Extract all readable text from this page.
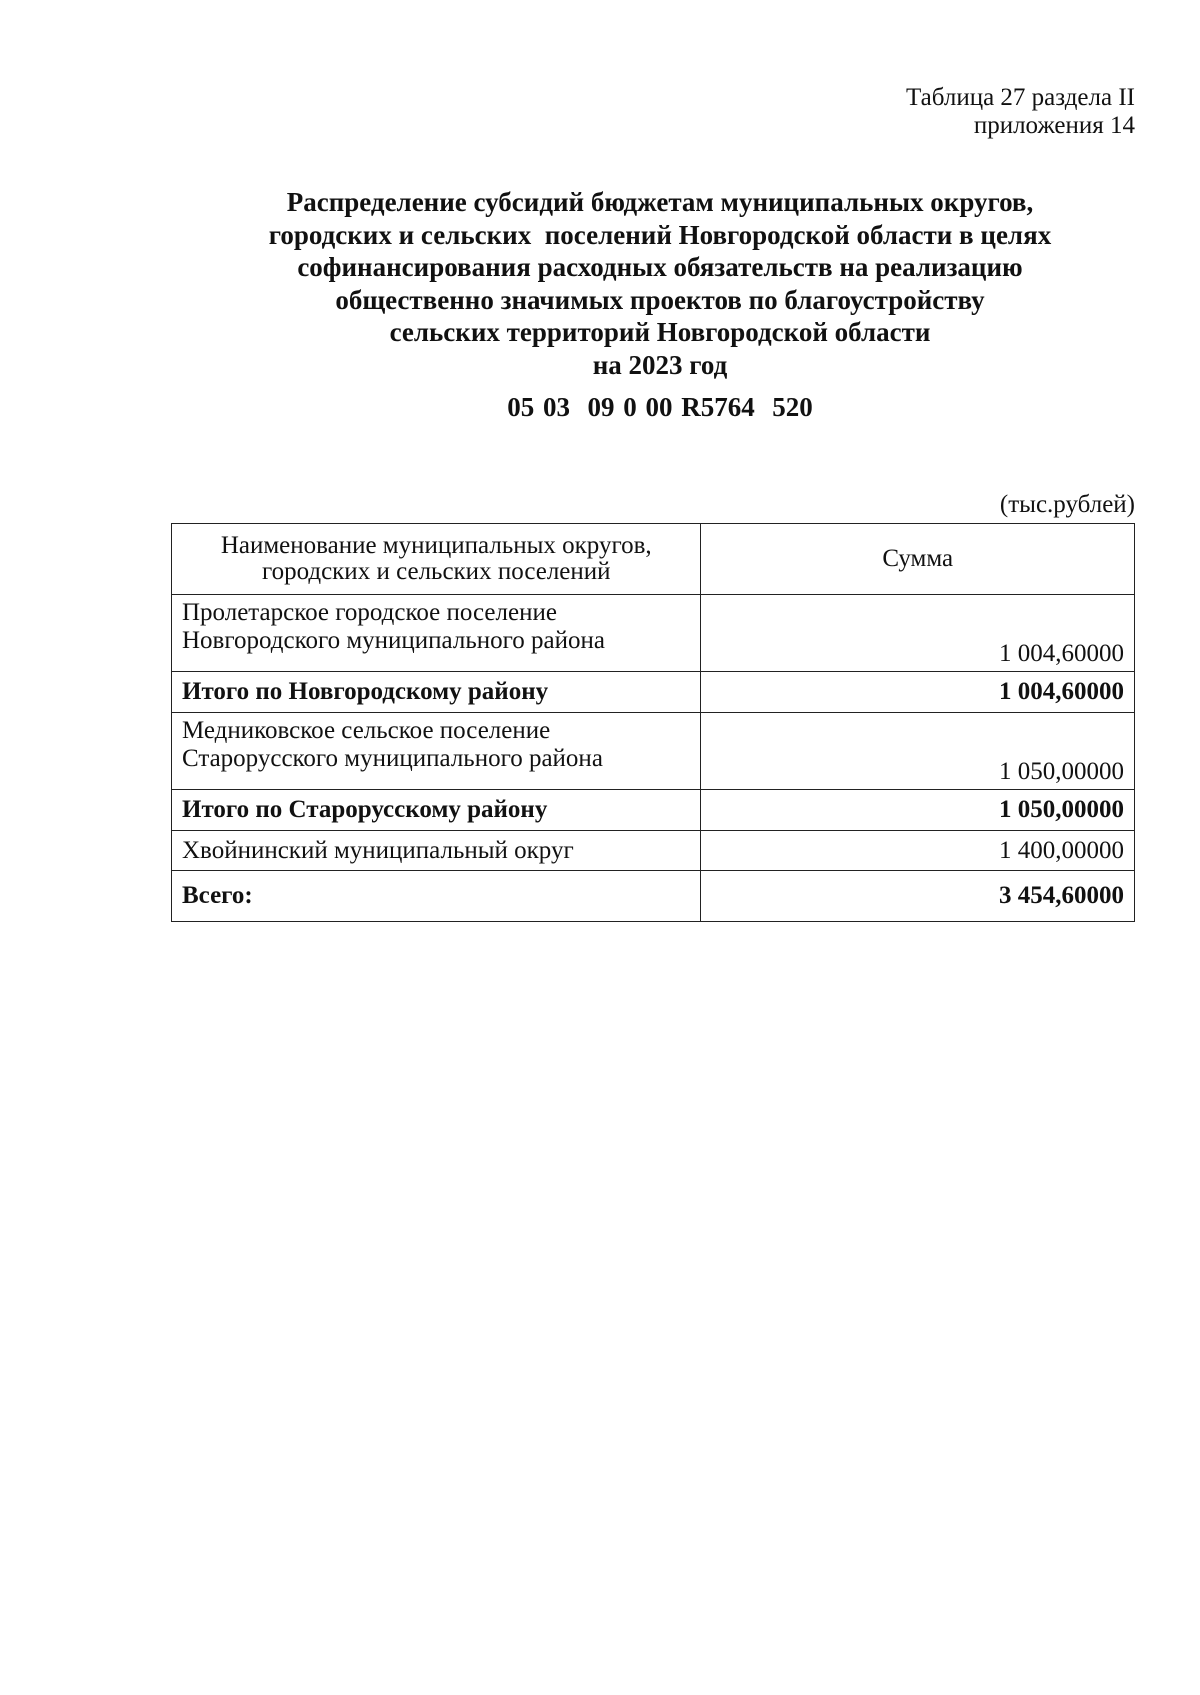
Таблица 27 раздела II
приложения 14
Распределение субсидий бюджетам муниципальных округов,
городских и сельских  поселений Новгородской области в целях
софинансирования расходных обязательств на реализацию
общественно значимых проектов по благоустройству
сельских территорий Новгородской области
на 2023 год
05 03  09 0 00 R5764  520
(тыс.рублей)
Наименование муниципальных округов,
городских и сельских поселений	Сумма

Пролетарское городское поселение
Новгородского муниципального района	1 004,60000
Итого по Новгородскому району	1 004,60000

Медниковское сельское поселение
Старорусского муниципального района	1 050,00000
Итого по Старорусскому району	1 050,00000
Хвойнинский муниципальный округ	1 400,00000
Всего:	3 454,60000
